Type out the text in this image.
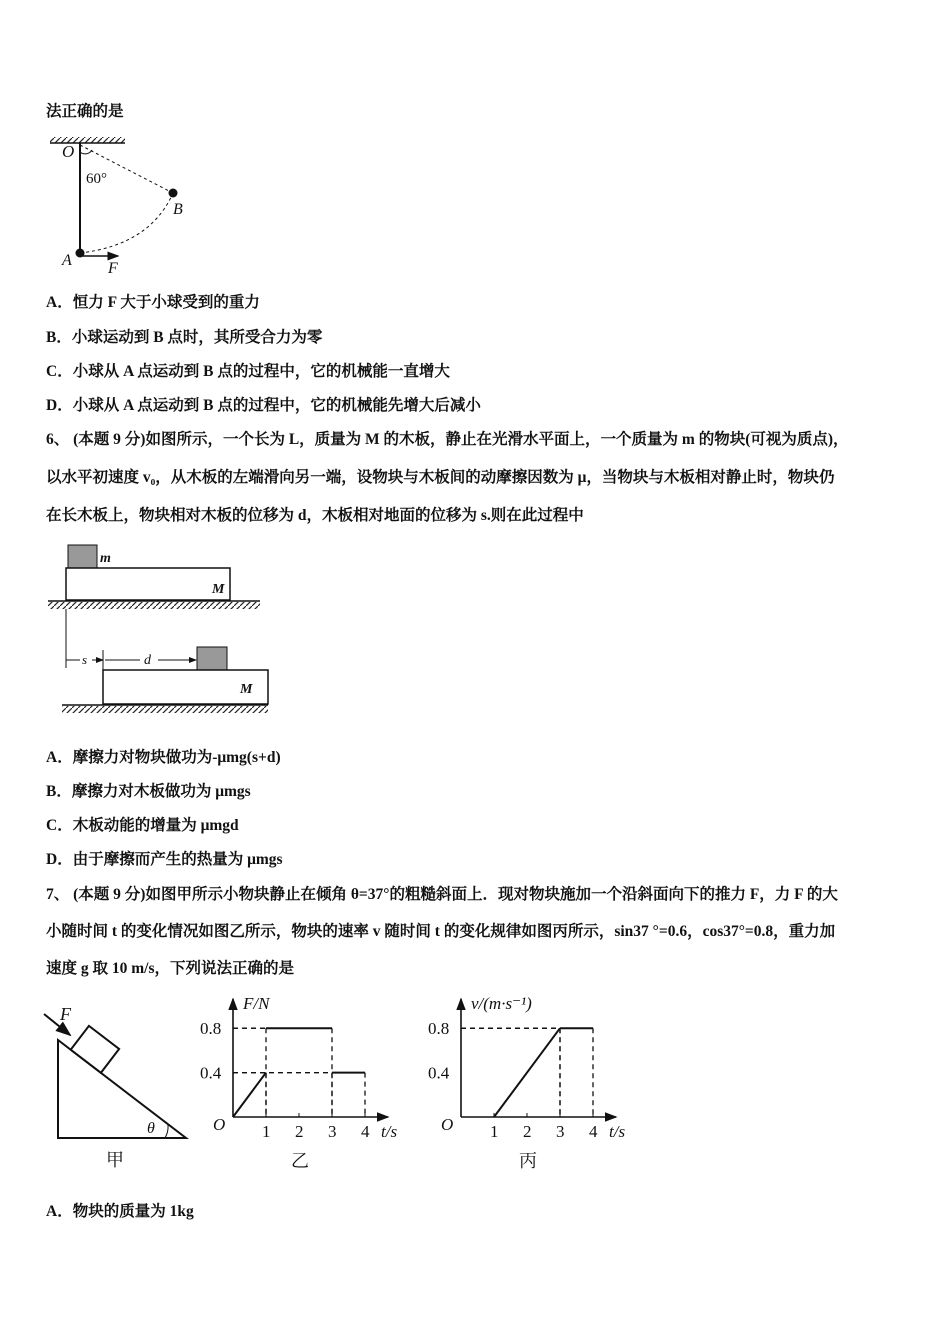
法正确的是
O
60°
B
A F
m
M
s	d
M
F
θ
甲
F/N
t/s
O
乙
1 2 3 4
0.4
0.8
v/(m·s⁻¹)
t/s
O
丙
1 2 3 4
0.4
0.8
A．恒力 F 大于小球受到的重力
B．小球运动到 B 点时，其所受合力为零
C．小球从 A 点运动到 B 点的过程中，它的机械能一直增大
D．小球从 A 点运动到 B 点的过程中，它的机械能先增大后减小
6、 (本题 9 分)如图所示，一个长为 L，质量为 M 的木板，静止在光滑水平面上，一个质量为 m 的物块(可视为质点)，
以水平初速度 v₀，从木板的左端滑向另一端，设物块与木板间的动摩擦因数为 μ，当物块与木板相对静止时，物块仍
在长木板上，物块相对木板的位移为 d，木板相对地面的位移为 s.则在此过程中
A．摩擦力对物块做功为-μmg(s+d)
B．摩擦力对木板做功为 μmgs
C．木板动能的增量为 μmgd
D．由于摩擦而产生的热量为 μmgs
7、 (本题 9 分)如图甲所示小物块静止在倾角 θ=37°的粗糙斜面上．现对物块施加一个沿斜面向下的推力 F，力 F 的大
小随时间 t 的变化情况如图乙所示，物块的速率 v 随时间 t 的变化规律如图丙所示，sin37 °=0.6，cos37°=0.8，重力加
速度 g 取 10 m/s，下列说法正确的是
A．物块的质量为 1kg
